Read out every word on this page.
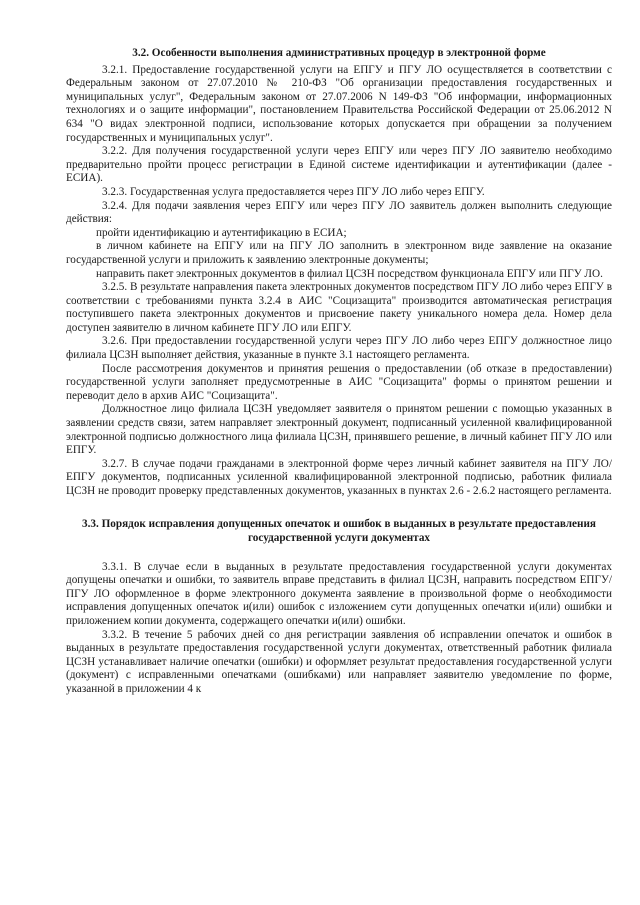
3.2. Особенности выполнения административных процедур в электронной форме

3.2.1. Предоставление государственной услуги на ЕПГУ и ПГУ ЛО осуществляется в соответствии с Федеральным законом от 27.07.2010 № 210-ФЗ "Об организации предоставления государственных и муниципальных услуг", Федеральным законом от 27.07.2006 N 149-ФЗ "Об информации, информационных технологиях и о защите информации", постановлением Правительства Российской Федерации от 25.06.2012 N 634 "О видах электронной подписи, использование которых допускается при обращении за получением государственных и муниципальных услуг".

3.2.2. Для получения государственной услуги через ЕПГУ или через ПГУ ЛО заявителю необходимо предварительно пройти процесс регистрации в Единой системе идентификации и аутентификации (далее - ЕСИА).

3.2.3. Государственная услуга предоставляется через ПГУ ЛО либо через ЕПГУ.

3.2.4. Для подачи заявления через ЕПГУ или через ПГУ ЛО заявитель должен выполнить следующие действия:

пройти идентификацию и аутентификацию в ЕСИА;

в личном кабинете на ЕПГУ или на ПГУ ЛО заполнить в электронном виде заявление на оказание государственной услуги и приложить к заявлению электронные документы;

направить пакет электронных документов в филиал ЦСЗН посредством функционала ЕПГУ или ПГУ ЛО.

3.2.5. В результате направления пакета электронных документов посредством ПГУ ЛО либо через ЕПГУ в соответствии с требованиями пункта 3.2.4 в АИС "Социзащита" производится автоматическая регистрация поступившего пакета электронных документов и присвоение пакету уникального номера дела. Номер дела доступен заявителю в личном кабинете ПГУ ЛО или ЕПГУ.

3.2.6. При предоставлении государственной услуги через ПГУ ЛО либо через ЕПГУ должностное лицо филиала ЦСЗН выполняет действия, указанные в пункте 3.1 настоящего регламента.

После рассмотрения документов и принятия решения о предоставлении (об отказе в предоставлении) государственной услуги заполняет предусмотренные в АИС "Социзащита" формы о принятом решении и переводит дело в архив АИС "Социзащита".

Должностное лицо филиала ЦСЗН уведомляет заявителя о принятом решении с помощью указанных в заявлении средств связи, затем направляет электронный документ, подписанный усиленной квалифицированной электронной подписью должностного лица филиала ЦСЗН, принявшего решение, в личный кабинет ПГУ ЛО или ЕПГУ.

3.2.7. В случае подачи гражданами в электронной форме через личный кабинет заявителя на ПГУ ЛО/ЕПГУ документов, подписанных усиленной квалифицированной электронной подписью, работник филиала ЦСЗН не проводит проверку представленных документов, указанных в пунктах 2.6 - 2.6.2 настоящего регламента.

3.3. Порядок исправления допущенных опечаток и ошибок в выданных в результате предоставления государственной услуги документах

3.3.1. В случае если в выданных в результате предоставления государственной услуги документах допущены опечатки и ошибки, то заявитель вправе представить в филиал ЦСЗН, направить посредством ЕПГУ/ПГУ ЛО оформленное в форме электронного документа заявление в произвольной форме о необходимости исправления допущенных опечаток и(или) ошибок с изложением сути допущенных опечатки и(или) ошибки и приложением копии документа, содержащего опечатки и(или) ошибки.

3.3.2. В течение 5 рабочих дней со дня регистрации заявления об исправлении опечаток и ошибок в выданных в результате предоставления государственной услуги документах, ответственный работник филиала ЦСЗН устанавливает наличие опечатки (ошибки) и оформляет результат предоставления государственной услуги (документ) с исправленными опечатками (ошибками) или направляет заявителю уведомление по форме, указанной в приложении 4 к
